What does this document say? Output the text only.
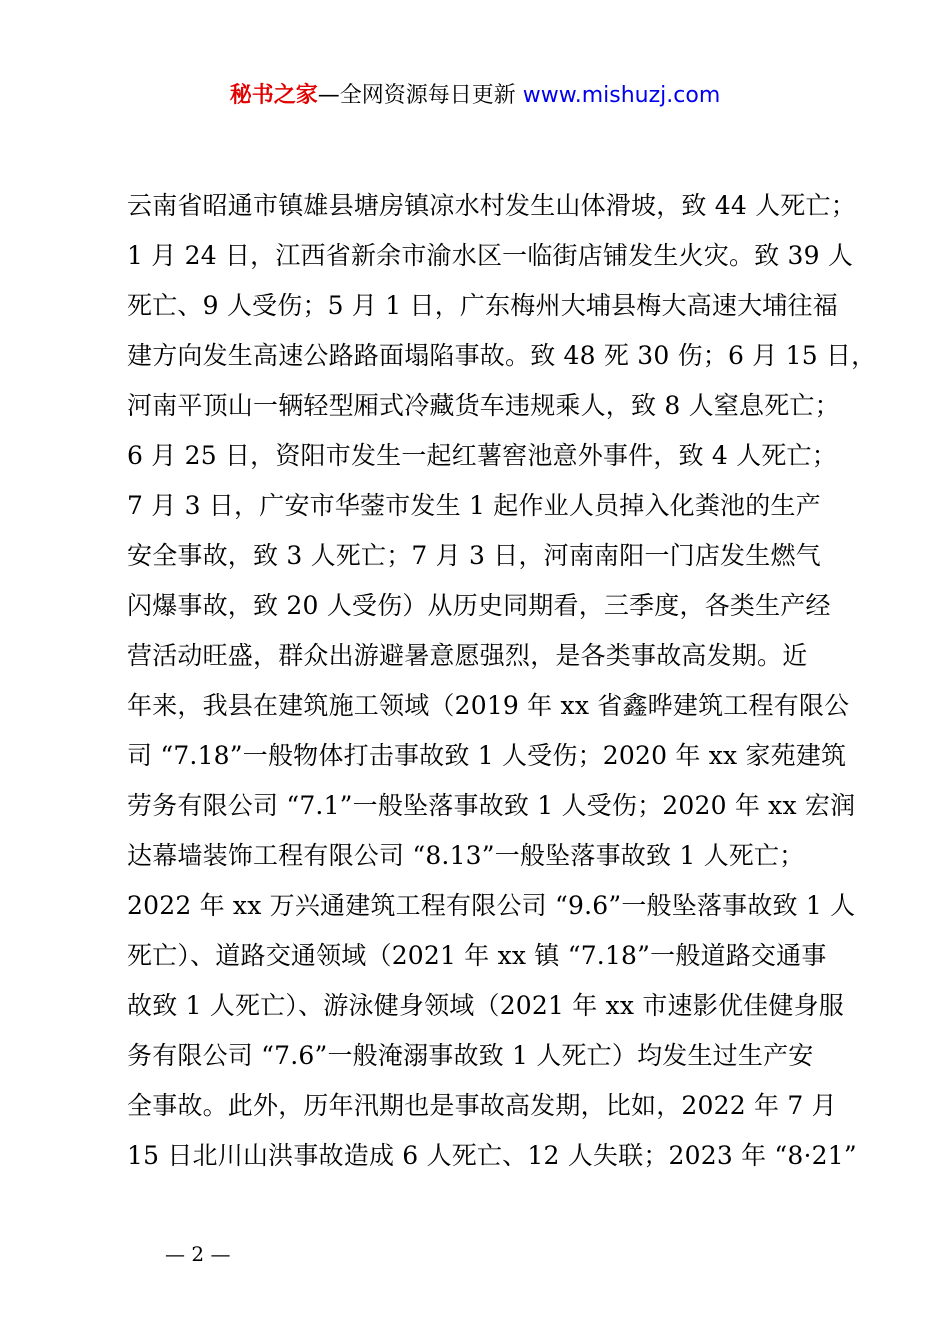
秘书之家—全网资源每日更新 www.mishuzj.com
云南省昭通市镇雄县塘房镇凉水村发生山体滑坡，致 44 人死亡；
1 月 24 日，江西省新余市渝水区一临街店铺发生火灾。致 39 人
死亡、9 人受伤；5 月 1 日，广东梅州大埔县梅大高速大埔往福
建方向发生高速公路路面塌陷事故。致 48 死 30 伤；6 月 15 日，
河南平顶山一辆轻型厢式冷藏货车违规乘人，致 8 人窒息死亡；
6 月 25 日，资阳市发生一起红薯窖池意外事件，致 4 人死亡；
7 月 3 日，广安市华蓥市发生 1 起作业人员掉入化粪池的生产
安全事故，致 3 人死亡；7 月 3 日，河南南阳一门店发生燃气
闪爆事故，致 20 人受伤）从历史同期看，三季度，各类生产经
营活动旺盛，群众出游避暑意愿强烈，是各类事故高发期。近
年来，我县在建筑施工领域（2019 年 xx 省鑫晔建筑工程有限公
司 “7.18”一般物体打击事故致 1 人受伤；2020 年 xx 家苑建筑
劳务有限公司 “7.1”一般坠落事故致 1 人受伤；2020 年 xx 宏润
达幕墙装饰工程有限公司 “8.13”一般坠落事故致 1 人死亡；
2022 年 xx 万兴通建筑工程有限公司 “9.6”一般坠落事故致 1 人
死亡）、道路交通领域（2021 年 xx 镇 “7.18”一般道路交通事
故致 1 人死亡）、游泳健身领域（2021 年 xx 市速影优佳健身服
务有限公司 “7.6”一般淹溺事故致 1 人死亡）均发生过生产安
全事故。此外，历年汛期也是事故高发期，比如，2022 年 7 月
15 日北川山洪事故造成 6 人死亡、12 人失联；2023 年 “8·21”
— 2 —
